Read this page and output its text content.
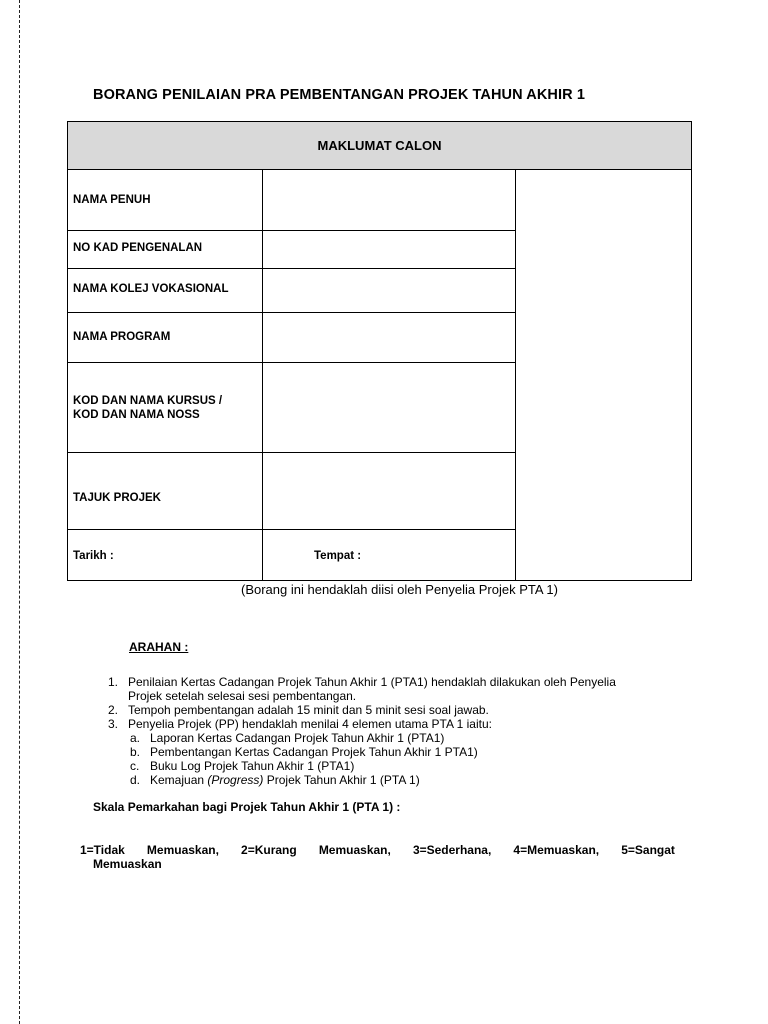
BORANG PENILAIAN PRA PEMBENTANGAN PROJEK TAHUN AKHIR 1
MAKLUMAT CALON
NAMA PENUH
NO KAD PENGENALAN
NAMA KOLEJ VOKASIONAL
NAMA PROGRAM
KOD DAN NAMA KURSUS /
KOD DAN NAMA NOSS
TAJUK PROJEK
Tarikh :	Tempat :
(Borang ini hendaklah diisi oleh Penyelia Projek PTA 1)
ARAHAN :
1. Penilaian Kertas Cadangan Projek Tahun Akhir 1 (PTA1) hendaklah dilakukan oleh Penyelia
Projek setelah selesai sesi pembentangan.
2. Tempoh pembentangan adalah 15 minit dan 5 minit sesi soal jawab.
3. Penyelia Projek (PP) hendaklah menilai 4 elemen utama PTA 1 iaitu:
a. Laporan Kertas Cadangan Projek Tahun Akhir 1 (PTA1)
b. Pembentangan Kertas Cadangan Projek Tahun Akhir 1 PTA1)
c. Buku Log Projek Tahun Akhir 1 (PTA1)
d. Kemajuan (Progress) Projek Tahun Akhir 1 (PTA 1)
Skala Pemarkahan bagi Projek Tahun Akhir 1 (PTA 1) :
1=Tidak Memuaskan, 2=Kurang Memuaskan, 3=Sederhana, 4=Memuaskan, 5=Sangat
Memuaskan
